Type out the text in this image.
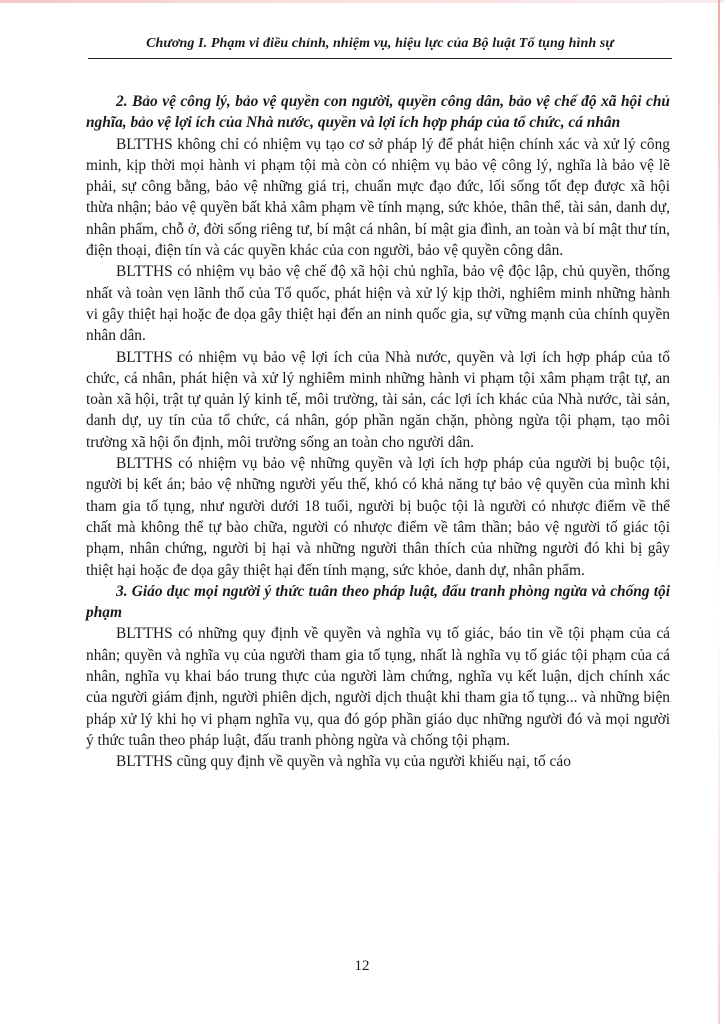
Chương I. Phạm vi điều chỉnh, nhiệm vụ, hiệu lực của Bộ luật Tố tụng hình sự

2. Bảo vệ công lý, bảo vệ quyền con người, quyền công dân, bảo vệ chế độ xã hội chủ nghĩa, bảo vệ lợi ích của Nhà nước, quyền và lợi ích hợp pháp của tổ chức, cá nhân

BLTTHS không chỉ có nhiệm vụ tạo cơ sở pháp lý để phát hiện chính xác và xử lý công minh, kịp thời mọi hành vi phạm tội mà còn có nhiệm vụ bảo vệ công lý, nghĩa là bảo vệ lẽ phải, sự công bằng, bảo vệ những giá trị, chuẩn mực đạo đức, lối sống tốt đẹp được xã hội thừa nhận; bảo vệ quyền bất khả xâm phạm về tính mạng, sức khỏe, thân thể, tài sản, danh dự, nhân phẩm, chỗ ở, đời sống riêng tư, bí mật cá nhân, bí mật gia đình, an toàn và bí mật thư tín, điện thoại, điện tín và các quyền khác của con người, bảo vệ quyền công dân.

BLTTHS có nhiệm vụ bảo vệ chế độ xã hội chủ nghĩa, bảo vệ độc lập, chủ quyền, thống nhất và toàn vẹn lãnh thổ của Tổ quốc, phát hiện và xử lý kịp thời, nghiêm minh những hành vi gây thiệt hại hoặc đe dọa gây thiệt hại đến an ninh quốc gia, sự vững mạnh của chính quyền nhân dân.

BLTTHS có nhiệm vụ bảo vệ lợi ích của Nhà nước, quyền và lợi ích hợp pháp của tổ chức, cá nhân, phát hiện và xử lý nghiêm minh những hành vi phạm tội xâm phạm trật tự, an toàn xã hội, trật tự quản lý kinh tế, môi trường, tài sản, các lợi ích khác của Nhà nước, tài sản, danh dự, uy tín của tổ chức, cá nhân, góp phần ngăn chặn, phòng ngừa tội phạm, tạo môi trường xã hội ổn định, môi trường sống an toàn cho người dân.

BLTTHS có nhiệm vụ bảo vệ những quyền và lợi ích hợp pháp của người bị buộc tội, người bị kết án; bảo vệ những người yếu thế, khó có khả năng tự bảo vệ quyền của mình khi tham gia tố tụng, như người dưới 18 tuổi, người bị buộc tội là người có nhược điểm về thể chất mà không thể tự bào chữa, người có nhược điểm về tâm thần; bảo vệ người tố giác tội phạm, nhân chứng, người bị hại và những người thân thích của những người đó khi bị gây thiệt hại hoặc đe dọa gây thiệt hại đến tính mạng, sức khỏe, danh dự, nhân phẩm.

3. Giáo dục mọi người ý thức tuân theo pháp luật, đấu tranh phòng ngừa và chống tội phạm

BLTTHS có những quy định về quyền và nghĩa vụ tố giác, báo tin về tội phạm của cá nhân; quyền và nghĩa vụ của người tham gia tố tụng, nhất là nghĩa vụ tố giác tội phạm của cá nhân, nghĩa vụ khai báo trung thực của người làm chứng, nghĩa vụ kết luận, dịch chính xác của người giám định, người phiên dịch, người dịch thuật khi tham gia tố tụng... và những biện pháp xử lý khi họ vi phạm nghĩa vụ, qua đó góp phần giáo dục những người đó và mọi người ý thức tuân theo pháp luật, đấu tranh phòng ngừa và chống tội phạm.

BLTTHS cũng quy định về quyền và nghĩa vụ của người khiếu nại, tố cáo

12
